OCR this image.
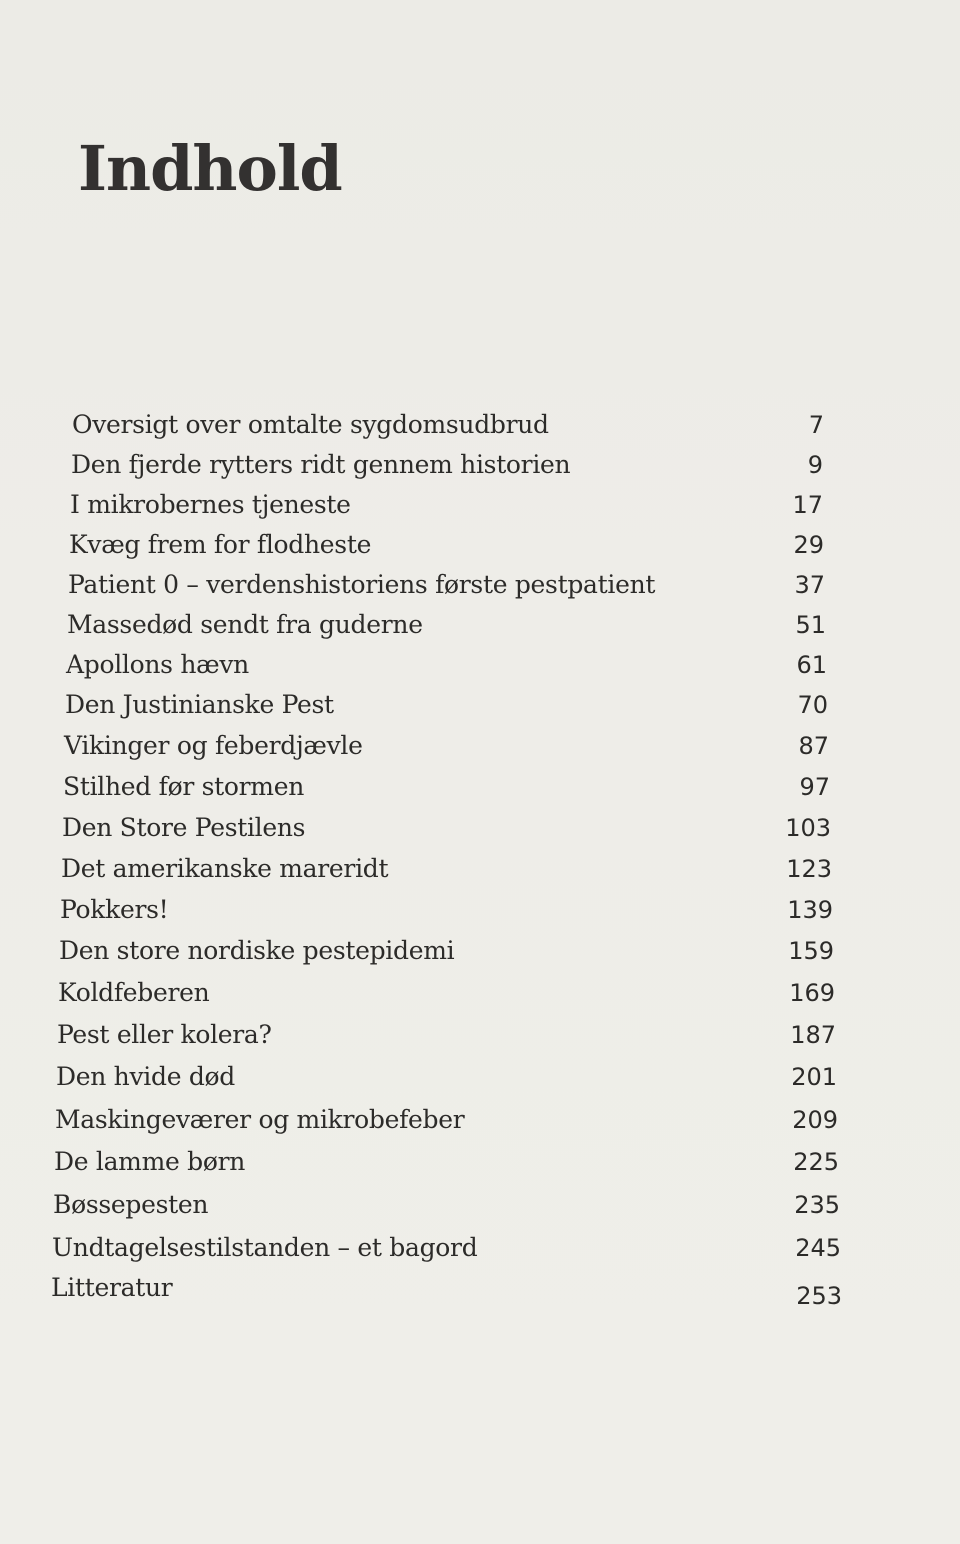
Indhold
Oversigt over omtalte sygdomsudbrud	7
Den fjerde rytters ridt gennem historien	9
I mikrobernes tjeneste	17
Kvæg frem for flodheste	29
Patient 0 – verdenshistoriens første pestpatient	37
Massedød sendt fra guderne	51
Apollons hævn	61
Den Justinianske Pest	70
Vikinger og feberdjævle	87
Stilhed før stormen	97
Den Store Pestilens	103
Det amerikanske mareridt	123
Pokkers!	139
Den store nordiske pestepidemi	159
Koldfeberen	169
Pest eller kolera?	187
Den hvide død	201
Maskingeværer og mikrobefeber	209
De lamme børn	225
Bøssepesten	235
Undtagelsestilstanden – et bagord	245
Litteratur	253
